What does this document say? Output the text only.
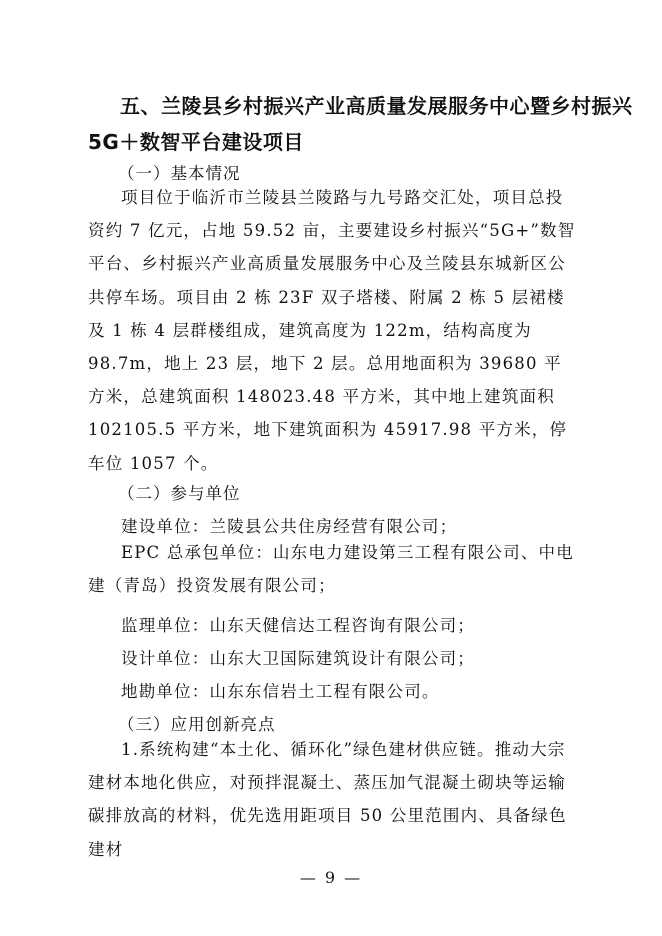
五、兰陵县乡村振兴产业高质量发展服务中心暨乡村振兴
5G＋数智平台建设项目
（一）基本情况

项目位于临沂市兰陵县兰陵路与九号路交汇处，项目总投资约 7 亿元，占地 59.52 亩，主要建设乡村振兴“5G+”数智平台、乡村振兴产业高质量发展服务中心及兰陵县东城新区公共停车场。项目由 2 栋 23F 双子塔楼、附属 2 栋 5 层裙楼及 1 栋 4 层群楼组成，建筑高度为 122m，结构高度为 98.7m，地上 23 层，地下 2 层。总用地面积为 39680 平方米，总建筑面积 148023.48 平方米，其中地上建筑面积 102105.5 平方米，地下建筑面积为 45917.98 平方米，停车位 1057 个。

（二）参与单位
建设单位：兰陵县公共住房经营有限公司；

EPC 总承包单位：山东电力建设第三工程有限公司、中电建（青岛）投资发展有限公司；

监理单位：山东天健信达工程咨询有限公司；
设计单位：山东大卫国际建筑设计有限公司；
地勘单位：山东东信岩土工程有限公司。
（三）应用创新亮点

1.系统构建“本土化、循环化”绿色建材供应链。推动大宗建材本地化供应，对预拌混凝土、蒸压加气混凝土砌块等运输碳排放高的材料，优先选用距项目 50 公里范围内、具备绿色建材

— 9 —
